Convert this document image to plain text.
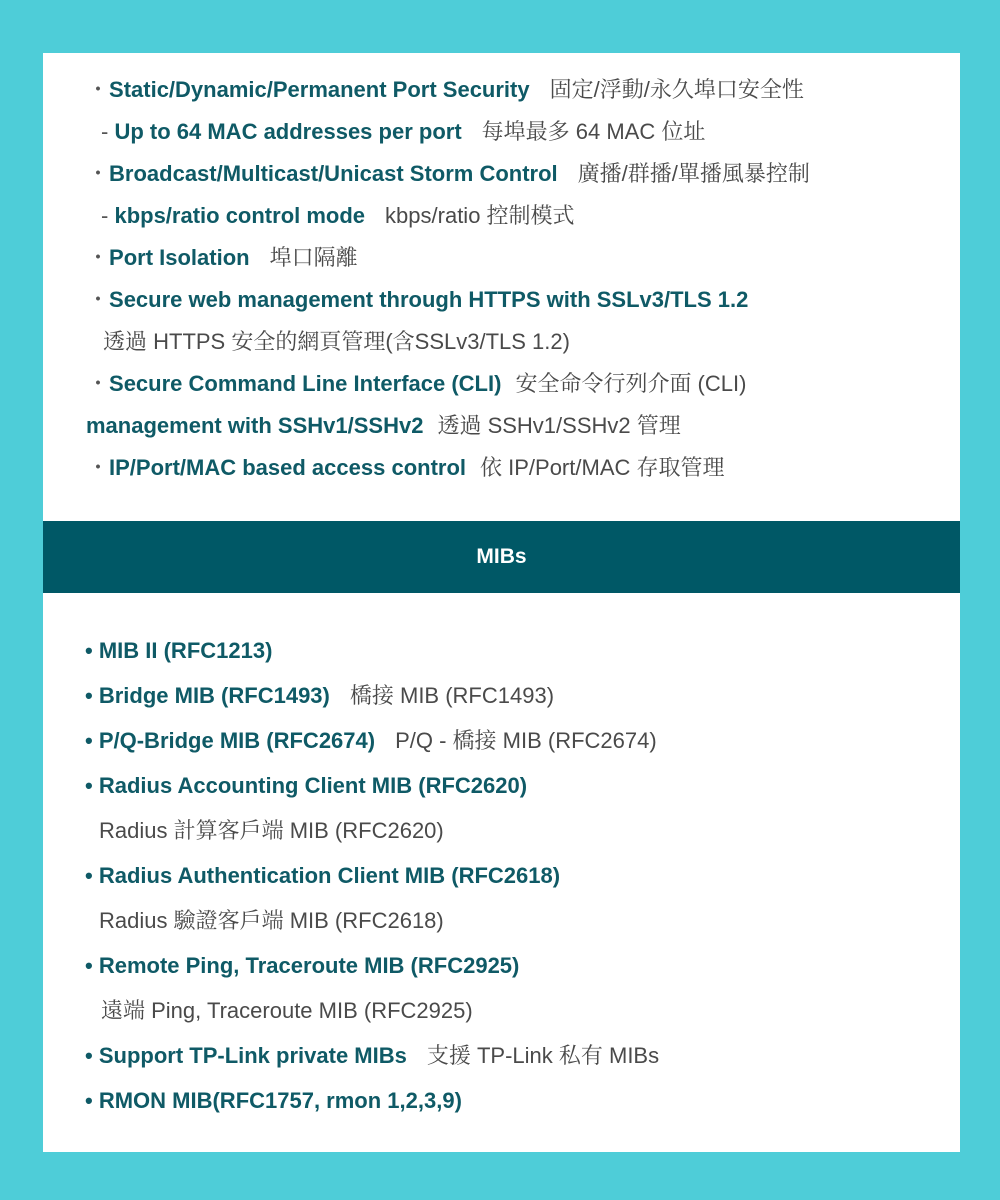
・Static/Dynamic/Permanent Port Security 固定/浮動/永久埠口安全性
- Up to 64 MAC addresses per port 每埠最多 64 MAC 位址
・Broadcast/Multicast/Unicast Storm Control 廣播/群播/單播風暴控制
- kbps/ratio control mode kbps/ratio 控制模式
・Port Isolation 埠口隔離
・Secure web management through HTTPS with SSLv3/TLS 1.2
透過 HTTPS 安全的網頁管理(含SSLv3/TLS 1.2)
・Secure Command Line Interface (CLI) 安全命令行列介面 (CLI)
management with SSHv1/SSHv2 透過 SSHv1/SSHv2 管理
・IP/Port/MAC based access control 依 IP/Port/MAC 存取管理
MIBs
• MIB II (RFC1213)
• Bridge MIB (RFC1493) 橋接 MIB (RFC1493)
• P/Q-Bridge MIB (RFC2674) P/Q - 橋接 MIB (RFC2674)
• Radius Accounting Client MIB (RFC2620)
Radius 計算客戶端 MIB (RFC2620)
• Radius Authentication Client MIB (RFC2618)
Radius 驗證客戶端 MIB (RFC2618)
• Remote Ping, Traceroute MIB (RFC2925)
遠端 Ping, Traceroute MIB (RFC2925)
• Support TP-Link private MIBs 支援 TP-Link 私有 MIBs
• RMON MIB(RFC1757, rmon 1,2,3,9)
